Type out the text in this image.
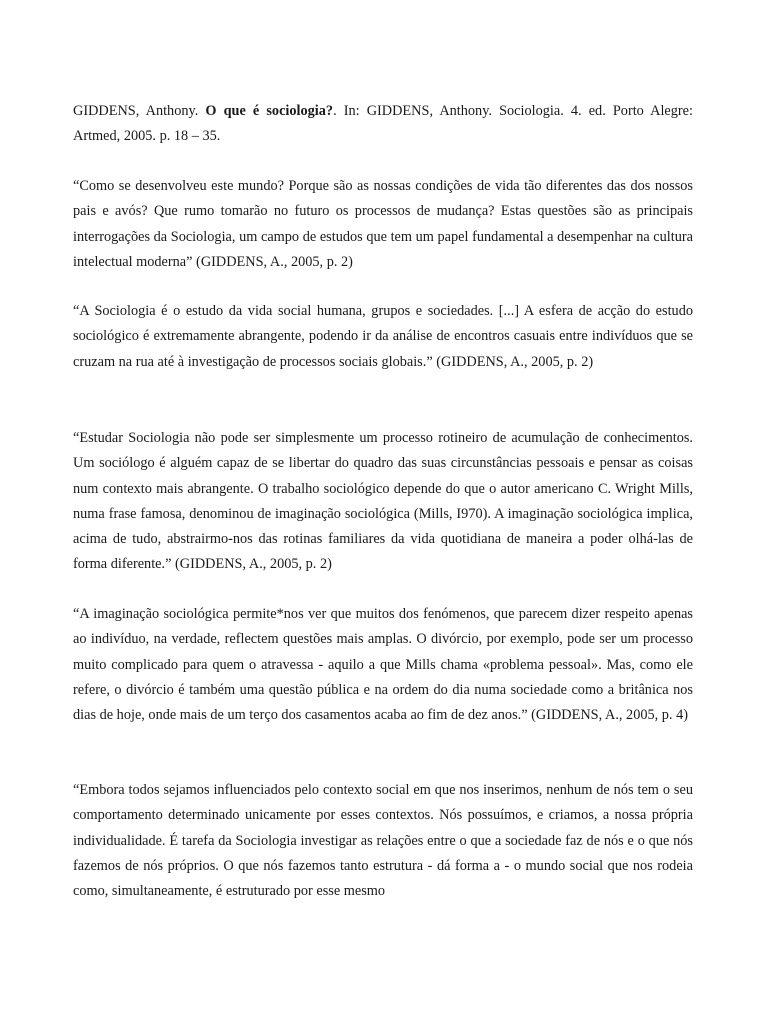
GIDDENS, Anthony. O que é sociologia?. In: GIDDENS, Anthony. Sociologia. 4. ed. Porto Alegre: Artmed, 2005. p. 18 – 35.

“Como se desenvolveu este mundo? Porque são as nossas condições de vida tão diferentes das dos nossos pais e avós? Que rumo tomarão no futuro os processos de mudança? Estas questões são as principais interrogações da Sociologia, um campo de estudos que tem um papel fundamental a desempenhar na cultura intelectual moderna” (GIDDENS, A., 2005, p. 2)

“A Sociologia é o estudo da vida social humana, grupos e sociedades. [...] A esfera de acção do estudo sociológico é extremamente abrangente, podendo ir da análise de encontros casuais entre indivíduos que se cruzam na rua até à investigação de processos sociais globais.” (GIDDENS, A., 2005, p. 2)

“Estudar Sociologia não pode ser simplesmente um processo rotineiro de acumulação de conhecimentos. Um sociólogo é alguém capaz de se libertar do quadro das suas circunstâncias pessoais e pensar as coisas num contexto mais abrangente. O trabalho sociológico depende do que o autor americano C. Wright Mills, numa frase famosa, denominou de imaginação sociológica (Mills, I970). A imaginação sociológica implica, acima de tudo, abstrairmo-nos das rotinas familiares da vida quotidiana de maneira a poder olhá-las de forma diferente.” (GIDDENS, A., 2005, p. 2)

“A imaginação sociológica permite*nos ver que muitos dos fenómenos, que parecem dizer respeito apenas ao indivíduo, na verdade, reflectem questões mais amplas. O divórcio, por exemplo, pode ser um processo muito complicado para quem o atravessa - aquilo a que Mills chama «problema pessoal». Mas, como ele refere, o divórcio é também uma questão pública e na ordem do dia numa sociedade como a britânica nos dias de hoje, onde mais de um terço dos casamentos acaba ao fim de dez anos.” (GIDDENS, A., 2005, p. 4)

“Embora todos sejamos influenciados pelo contexto social em que nos inserimos, nenhum de nós tem o seu comportamento determinado unicamente por esses contextos. Nós possuímos, e criamos, a nossa própria individualidade. É tarefa da Sociologia investigar as relações entre o que a sociedade faz de nós e o que nós fazemos de nós próprios. O que nós fazemos tanto estrutura - dá forma a - o mundo social que nos rodeia como, simultaneamente, é estruturado por esse mesmo
